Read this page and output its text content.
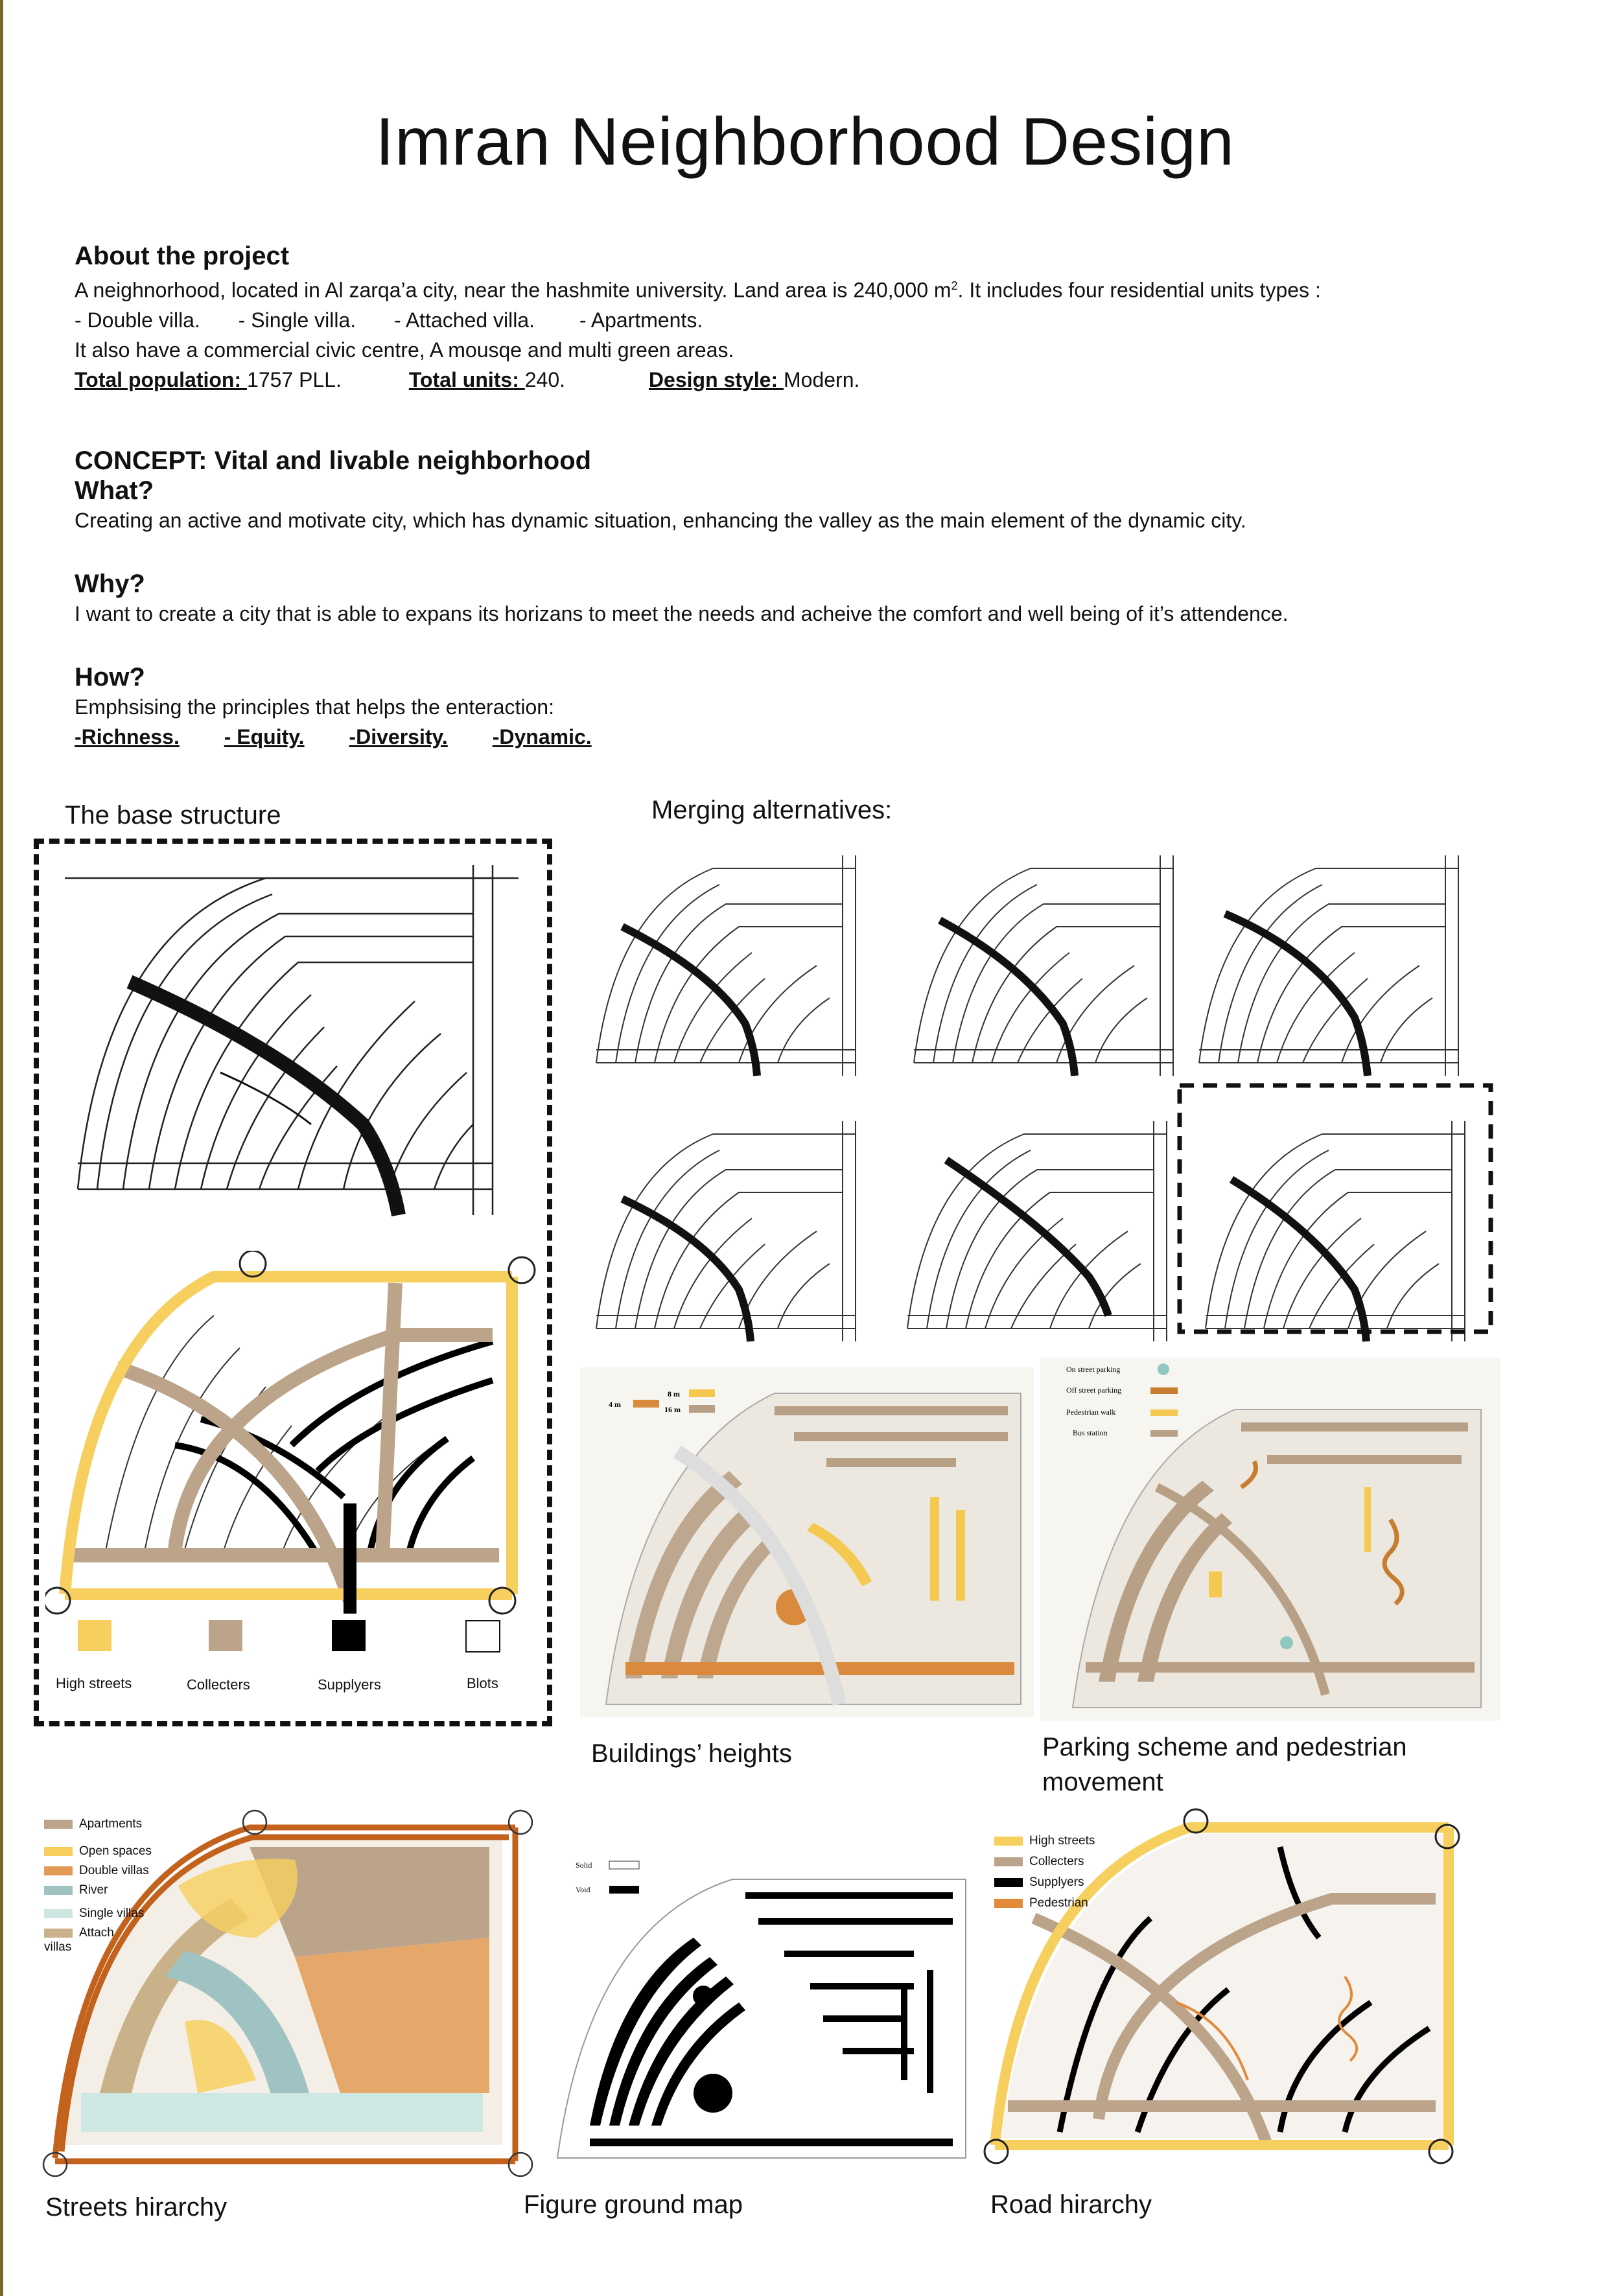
Imran Neighborhood Design
About the project
A neighnorhood, located in Al zarqa’a city, near the hashmite university. Land area is 240,000 $m^2$. It includes four residential units types :
- Double villa. - Single villa. - Attached villa. - Apartments.
It also have a commercial civic centre, A mousqe and multi green areas.
Total population: 1757 PLL.	Total units: 240.	Design style: Modern.
CONCEPT: Vital and livable neighborhood
What?
Creating an active and motivate city, which has dynamic situation, enhancing the valley as the main element of the dynamic city.
Why?
I want to create a city that is able to expans its horizans to meet the needs and acheive the comfort and well being of it’s attendence.
How?
Emphsising the principles that helps the enteraction:
-Richness. - Equity. -Diversity. -Dynamic.
The base structure	Merging alternatives:
Buildings’ heights	Parking scheme and pedestrian
movement
Streets hirarchy	Figure ground map	Road hirarchy
High streets	Collecters	Supplyers	Blots
4 m
8 m
16 m
On street parking
Off street parking
Pedestrian walk
Bus station
Apartments
Open spaces
Double villas
River
Single villas
Attach villas
Solid
Void
High streets
Collecters
Supplyers
Pedestrian
